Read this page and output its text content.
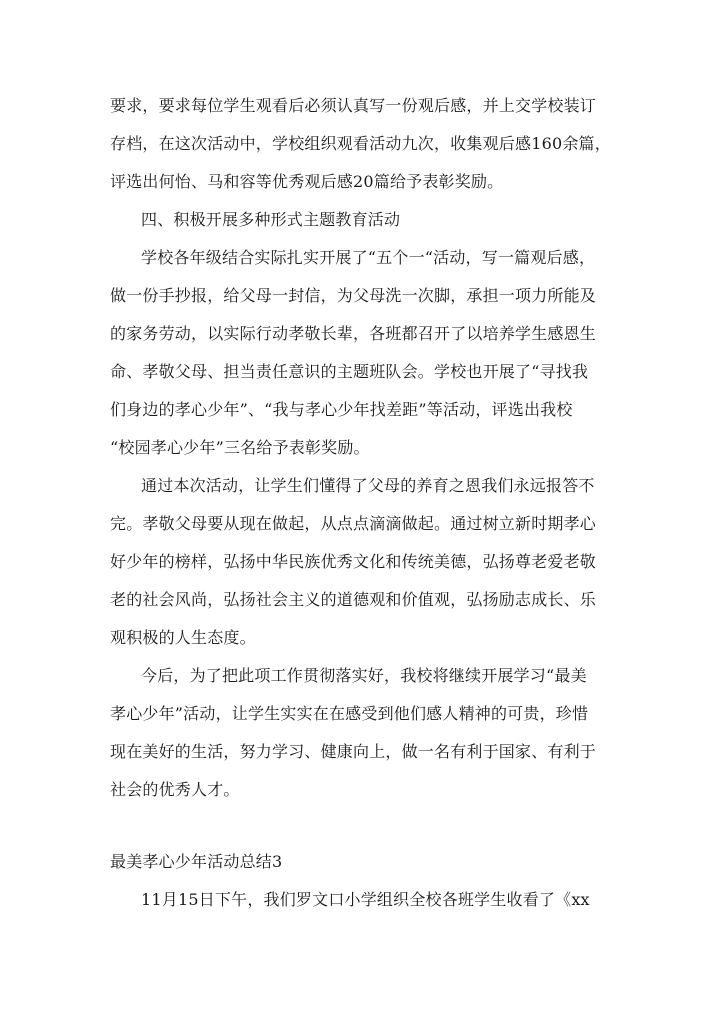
要求，要求每位学生观看后必须认真写一份观后感，并上交学校装订
存档，在这次活动中，学校组织观看活动九次，收集观后感160余篇，
评选出何怡、马和容等优秀观后感20篇给予表彰奖励。
四、积极开展多种形式主题教育活动
学校各年级结合实际扎实开展了“五个一“活动，写一篇观后感，
做一份手抄报，给父母一封信，为父母洗一次脚，承担一项力所能及
的家务劳动，以实际行动孝敬长辈，各班都召开了以培养学生感恩生
命、孝敬父母、担当责任意识的主题班队会。学校也开展了“寻找我
们身边的孝心少年”、“我与孝心少年找差距”等活动，评选出我校
“校园孝心少年”三名给予表彰奖励。
通过本次活动，让学生们懂得了父母的养育之恩我们永远报答不
完。孝敬父母要从现在做起，从点点滴滴做起。通过树立新时期孝心
好少年的榜样，弘扬中华民族优秀文化和传统美德，弘扬尊老爱老敬
老的社会风尚，弘扬社会主义的道德观和价值观，弘扬励志成长、乐
观积极的人生态度。
今后，为了把此项工作贯彻落实好，我校将继续开展学习“最美
孝心少年”活动，让学生实实在在感受到他们感人精神的可贵，珍惜
现在美好的生活，努力学习、健康向上，做一名有利于国家、有利于
社会的优秀人才。
最美孝心少年活动总结3
11月15日下午，我们罗文口小学组织全校各班学生收看了《xx
